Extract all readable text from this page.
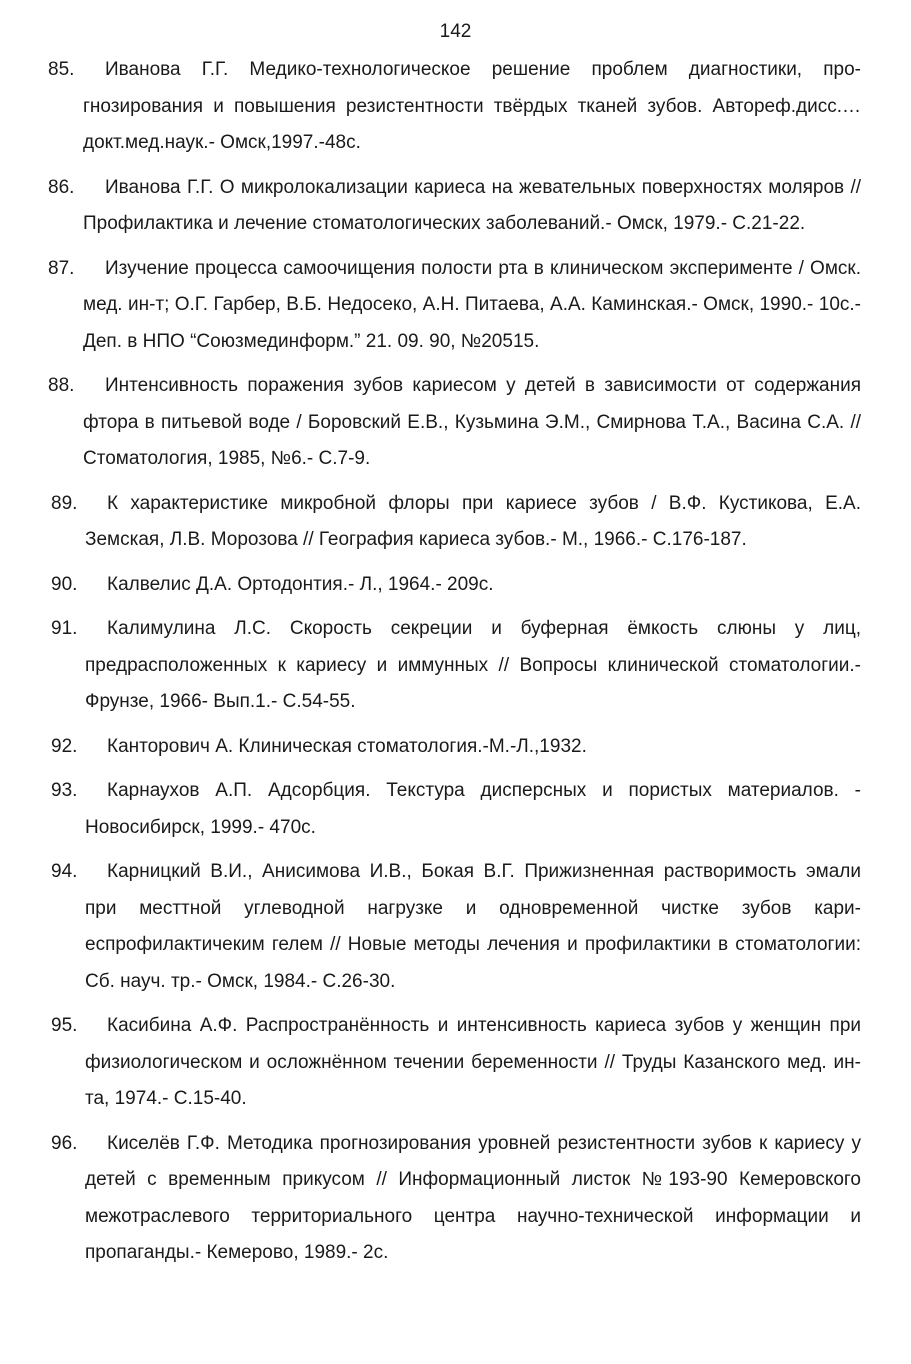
142
85.	Иванова Г.Г. Медико-технологическое решение проблем диагностики, прогнозирования и повышения резистентности твёрдых тканей зубов. Автореф.дисс.…докт.мед.наук.- Омск,1997.-48с.
86.	Иванова Г.Г. О микролокализации кариеса на жевательных поверхностях моляров // Профилактика и лечение стоматологических заболеваний.- Омск, 1979.- С.21-22.
87.	Изучение процесса самоочищения полости рта в клиническом эксперименте / Омск. мед. ин-т; О.Г. Гарбер, В.Б. Недосеко, А.Н. Питаева, А.А. Каминская.- Омск, 1990.- 10с.- Деп. в НПО “Союзмединформ.” 21. 09. 90, №20515.
88.	Интенсивность поражения зубов кариесом у детей в зависимости от содержания фтора в питьевой воде / Боровский Е.В., Кузьмина Э.М., Смирнова Т.А., Васина С.А. // Стоматология, 1985, №6.- С.7-9.
89.	К характеристике микробной флоры при кариесе зубов / В.Ф. Кустикова, Е.А. Земская, Л.В. Морозова // География кариеса зубов.- М., 1966.- С.176-187.
90.	Калвелис Д.А. Ортодонтия.- Л., 1964.- 209с.
91.	Калимулина Л.С. Скорость секреции и буферная ёмкость слюны у лиц, предрасположенных к кариесу и иммунных // Вопросы клинической стоматологии.- Фрунзе, 1966- Вып.1.- С.54-55.
92.	Канторович А. Клиническая стоматология.-М.-Л.,1932.
93.	Карнаухов А.П. Адсорбция. Текстура дисперсных и пористых материалов. - Новосибирск, 1999.- 470с.
94.	Карницкий В.И., Анисимова И.В., Бокая В.Г. Прижизненная растворимость эмали при месттной углеводной нагрузке и одновременной чистке зубов кариеспрофилактичеким гелем // Новые методы лечения и профилактики в стоматологии: Сб. науч. тр.- Омск, 1984.- С.26-30.
95.	Касибина А.Ф. Распространённость и интенсивность кариеса зубов у женщин при физиологическом и осложнённом течении беременности // Труды Казанского мед. ин-та, 1974.- С.15-40.
96.	Киселёв Г.Ф. Методика прогнозирования уровней резистентности зубов к кариесу у детей с временным прикусом // Информационный листок №193-90 Кемеровского межотраслевого территориального центра научно-технической информации и пропаганды.- Кемерово, 1989.- 2с.
